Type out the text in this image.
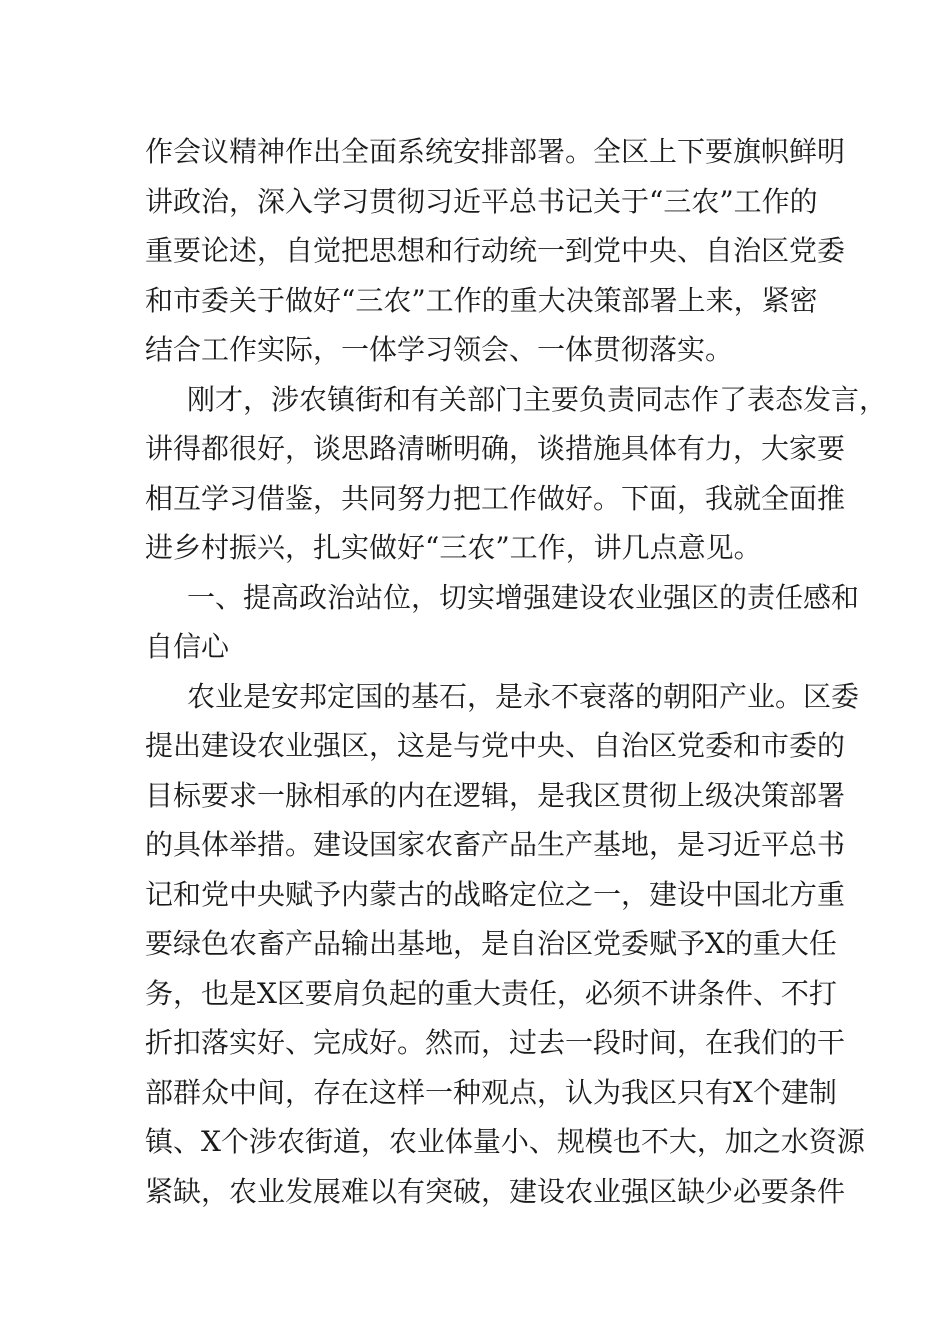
作会议精神作出全面系统安排部署。全区上下要旗帜鲜明
讲政治，深入学习贯彻习近平总书记关于“三农”工作的
重要论述，自觉把思想和行动统一到党中央、自治区党委
和市委关于做好“三农”工作的重大决策部署上来，紧密
结合工作实际，一体学习领会、一体贯彻落实。
刚才，涉农镇街和有关部门主要负责同志作了表态发言，
讲得都很好，谈思路清晰明确，谈措施具体有力，大家要
相互学习借鉴，共同努力把工作做好。下面，我就全面推
进乡村振兴，扎实做好“三农”工作，讲几点意见。
一、提高政治站位，切实增强建设农业强区的责任感和
自信心
农业是安邦定国的基石，是永不衰落的朝阳产业。区委
提出建设农业强区，这是与党中央、自治区党委和市委的
目标要求一脉相承的内在逻辑，是我区贯彻上级决策部署
的具体举措。建设国家农畜产品生产基地，是习近平总书
记和党中央赋予内蒙古的战略定位之一，建设中国北方重
要绿色农畜产品输出基地，是自治区党委赋予X的重大任
务，也是X区要肩负起的重大责任，必须不讲条件、不打
折扣落实好、完成好。然而，过去一段时间，在我们的干
部群众中间，存在这样一种观点，认为我区只有X个建制
镇、X个涉农街道，农业体量小、规模也不大，加之水资源
紧缺，农业发展难以有突破，建设农业强区缺少必要条件
